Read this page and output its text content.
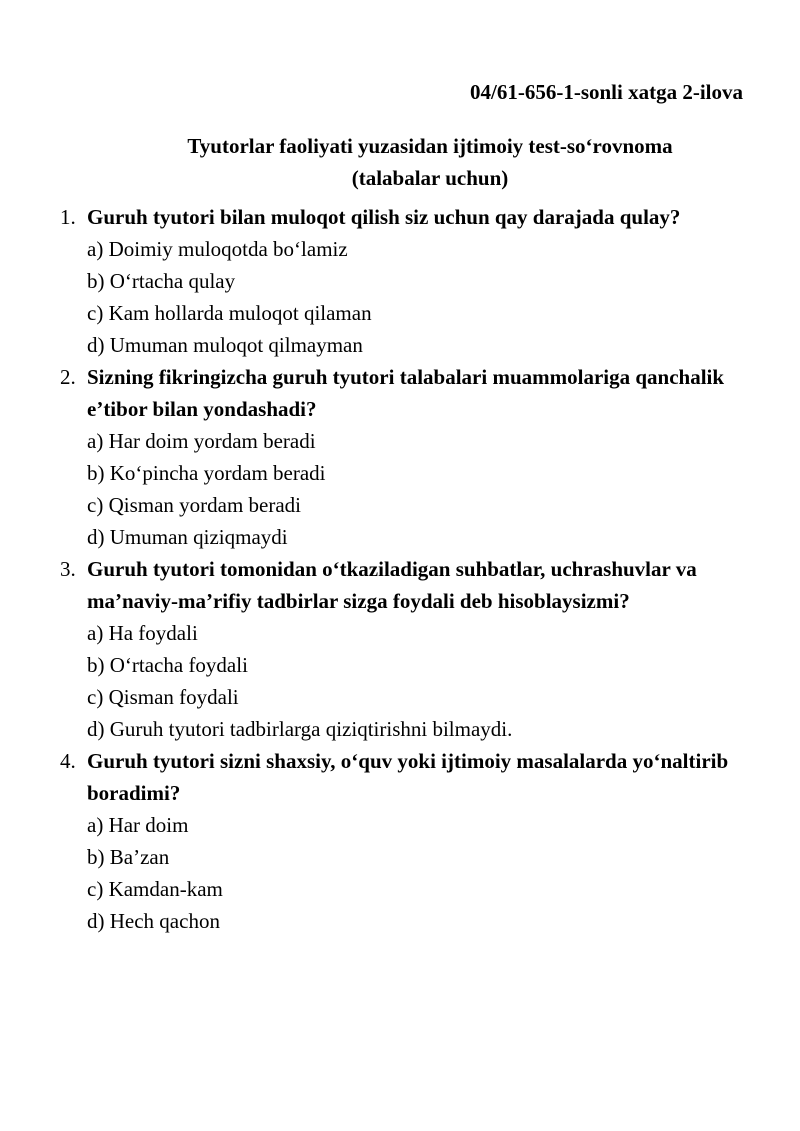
04/61-656-1-sonli xatga 2-ilova
Tyutorlar faoliyati yuzasidan ijtimoiy test-so‘rovnoma
(talabalar uchun)
1. Guruh tyutori bilan muloqot qilish siz uchun qay darajada qulay?
a) Doimiy muloqotda bo‘lamiz
b) O‘rtacha qulay
c) Kam hollarda muloqot qilaman
d) Umuman muloqot qilmayman
2. Sizning fikringizcha guruh tyutori talabalari muammolariga qanchalik e’tibor bilan yondashadi?
a) Har doim yordam beradi
b) Ko‘pincha yordam beradi
c) Qisman yordam beradi
d) Umuman qiziqmaydi
3. Guruh tyutori tomonidan o‘tkaziladigan suhbatlar, uchrashuvlar va ma’naviy-ma’rifiy tadbirlar sizga foydali deb hisoblaysizmi?
a) Ha foydali
b) O‘rtacha foydali
c) Qisman foydali
d) Guruh tyutori tadbirlarga qiziqtirishni bilmaydi.
4. Guruh tyutori sizni shaxsiy, o‘quv yoki ijtimoiy masalalarda yo‘naltirib boradimi?
a) Har doim
b) Ba’zan
c) Kamdan-kam
d) Hech qachon
